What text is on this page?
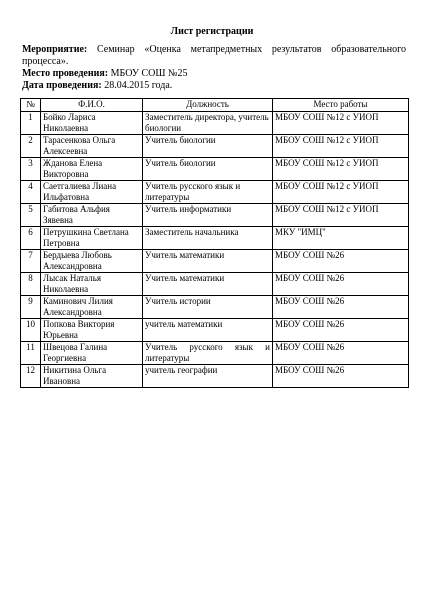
Лист регистрации
Мероприятие: Семинар «Оценка метапредметных результатов образовательного процесса».
Место проведения: МБОУ СОШ №25
Дата проведения: 28.04.2015 года.
№	Ф.И.О.	Должность	Место работы
1	Бойко Лариса Николаевна	Заместитель директора, учитель биологии	МБОУ СОШ №12 с УИОП
2	Тарасенкова Ольга Алексеевна	Учитель биологии	МБОУ СОШ №12 с УИОП
3	Жданова Елена Викторовна	Учитель биологии	МБОУ СОШ №12 с УИОП
4	Саетгалиева Лиана Ильфатовна	Учитель русского язык и литературы	МБОУ СОШ №12 с УИОП
5	Габитова Альфия Зявевна	Учитель информатики	МБОУ СОШ №12 с УИОП
6	Петрушкина Светлана Петровна	Заместитель начальника	МКУ "ИМЦ"
7	Бердыева Любовь Александровна	Учитель математики	МБОУ СОШ №26
8	Лысак Наталья Николаевна	Учитель математики	МБОУ СОШ №26
9	Каминович Лилия Александровна	Учитель истории	МБОУ СОШ №26
10	Попкова Виктория Юрьевна	учитель математики	МБОУ СОШ №26
11	Швецова Галина Георгиевна	Учитель русского язык и литературы	МБОУ СОШ №26
12	Никитина Ольга Ивановна	учитель географии	МБОУ СОШ №26
